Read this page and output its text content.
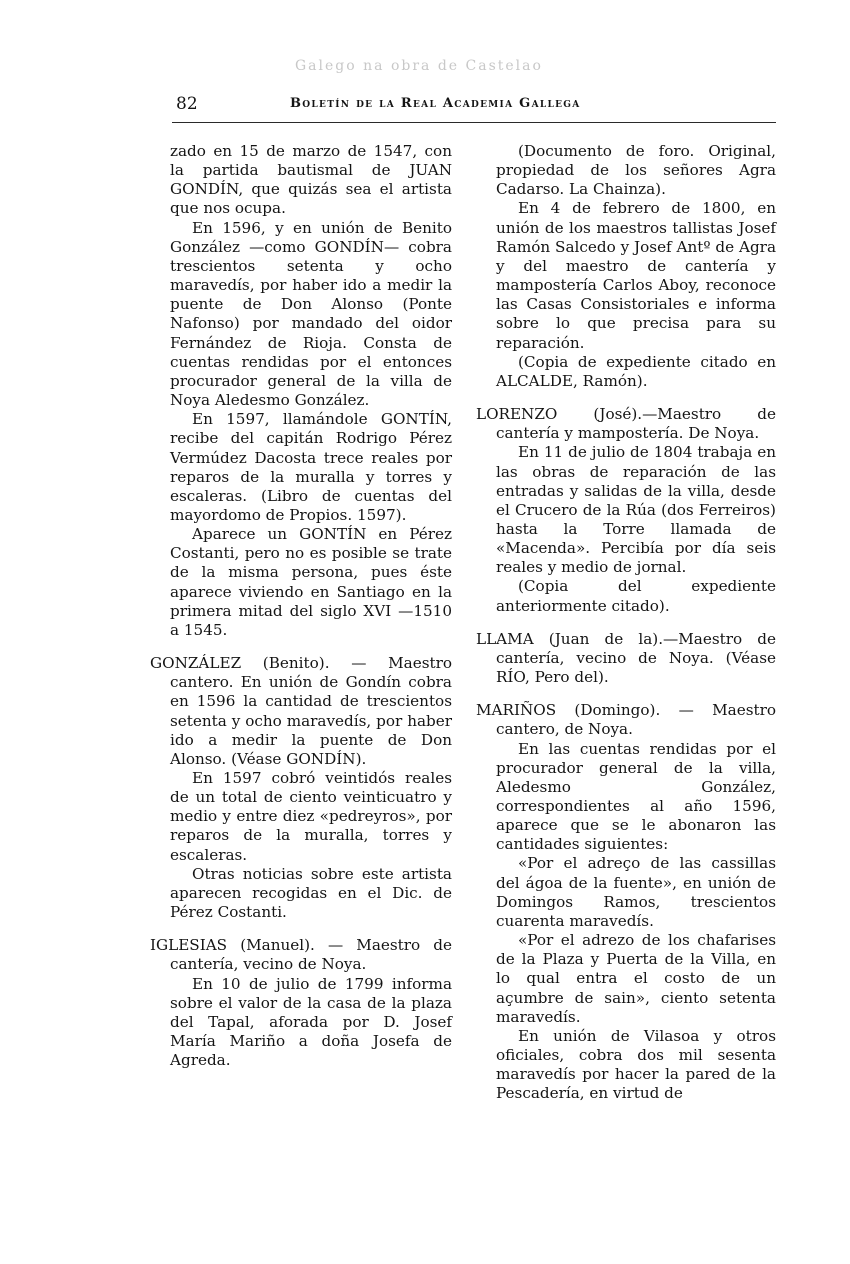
Galego na obra de Castelao
82	Boletín de la Real Academia Gallega

zado en 15 de marzo de 1547, con la partida bautismal de JUAN GONDÍN, que quizás sea el artista que nos ocupa.

En 1596, y en unión de Benito González —como GONDÍN— cobra trescientos setenta y ocho maravedís, por haber ido a medir la puente de Don Alonso (Ponte Nafonso) por mandado del oidor Fernández de Rioja. Consta de cuentas rendidas por el entonces procurador general de la villa de Noya Aledesmo González.

En 1597, llamándole GONTÍN, recibe del capitán Rodrigo Pérez Vermúdez Dacosta trece reales por reparos de la muralla y torres y escaleras. (Libro de cuentas del mayordomo de Propios. 1597).

Aparece un GONTÍN en Pérez Costanti, pero no es posible se trate de la misma persona, pues éste aparece viviendo en Santiago en la primera mitad del siglo XVI —1510 a 1545.

GONZÁLEZ (Benito). — Maestro cantero. En unión de Gondín cobra en 1596 la cantidad de trescientos setenta y ocho maravedís, por haber ido a medir la puente de Don Alonso. (Véase GONDÍN).

En 1597 cobró veintidós reales de un total de ciento veinticuatro y medio y entre diez «pedreyros», por reparos de la muralla, torres y escaleras.

Otras noticias sobre este artista aparecen recogidas en el Dic. de Pérez Costanti.

IGLESIAS (Manuel). — Maestro de cantería, vecino de Noya.

En 10 de julio de 1799 informa sobre el valor de la casa de la plaza del Tapal, aforada por D. Josef María Mariño a doña Josefa de Agreda.

(Documento de foro. Original, propiedad de los señores Agra Cadarso. La Chainza).

En 4 de febrero de 1800, en unión de los maestros tallistas Josef Ramón Salcedo y Josef Antº de Agra y del maestro de cantería y mampostería Carlos Aboy, reconoce las Casas Consistoriales e informa sobre lo que precisa para su reparación.

(Copia de expediente citado en ALCALDE, Ramón).

LORENZO (José).—Maestro de cantería y mampostería. De Noya.

En 11 de julio de 1804 trabaja en las obras de reparación de las entradas y salidas de la villa, desde el Crucero de la Rúa (dos Ferreiros) hasta la Torre llamada de «Macenda». Percibía por día seis reales y medio de jornal.

(Copia del expediente anteriormente citado).

LLAMA (Juan de la).—Maestro de cantería, vecino de Noya. (Véase RÍO, Pero del).

MARIÑOS (Domingo). — Maestro cantero, de Noya.

En las cuentas rendidas por el procurador general de la villa, Aledesmo González, correspondientes al año 1596, aparece que se le abonaron las cantidades siguientes:

«Por el adreço de las cassillas del ágoa de la fuente», en unión de Domingos Ramos, trescientos cuarenta maravedís.

«Por el adrezo de los chafarises de la Plaza y Puerta de la Villa, en lo qual entra el costo de un açumbre de sain», ciento setenta maravedís.

En unión de Vilasoa y otros oficiales, cobra dos mil sesenta maravedís por hacer la pared de la Pescadería, en virtud de
